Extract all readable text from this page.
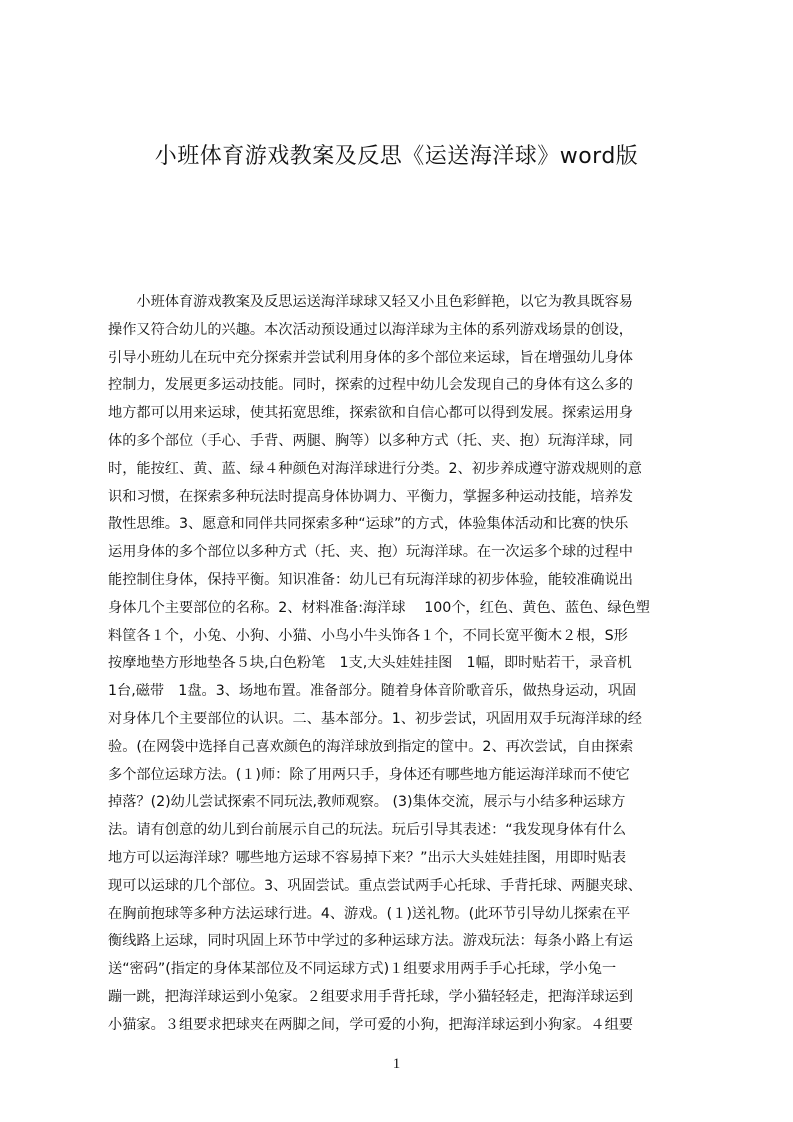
小班体育游戏教案及反思《运送海洋球》word版
　　小班体育游戏教案及反思运送海洋球球又轻又小且色彩鲜艳，以它为教具既容易
操作又符合幼儿的兴趣。本次活动预设通过以海洋球为主体的系列游戏场景的创设，
引导小班幼儿在玩中充分探索并尝试利用身体的多个部位来运球，旨在增强幼儿身体
控制力，发展更多运动技能。同时，探索的过程中幼儿会发现自己的身体有这么多的
地方都可以用来运球，使其拓宽思维，探索欲和自信心都可以得到发展。探索运用身
体的多个部位（手心、手背、两腿、胸等）以多种方式（托、夹、抱）玩海洋球，同
时，能按红、黄、蓝、绿４种颜色对海洋球进行分类。2、初步养成遵守游戏规则的意
识和习惯，在探索多种玩法时提高身体协调力、平衡力，掌握多种运动技能，培养发
散性思维。3、愿意和同伴共同探索多种“运球”的方式，体验集体活动和比赛的快乐
运用身体的多个部位以多种方式（托、夹、抱）玩海洋球。在一次运多个球的过程中
能控制住身体，保持平衡。知识准备：幼儿已有玩海洋球的初步体验，能较准确说出
身体几个主要部位的名称。2、材料准备:海洋球　 100个，红色、黄色、蓝色、绿色塑
料筐各１个，小兔、小狗、小猫、小鸟小牛头饰各１个，不同长宽平衡木２根，S形
按摩地垫方形地垫各５块,白色粉笔　1支,大头娃娃挂图　1幅，即时贴若干，录音机
1台,磁带　1盘。3、场地布置。准备部分。随着身体音阶歌音乐，做热身运动，巩固
对身体几个主要部位的认识。二、基本部分。1、初步尝试，巩固用双手玩海洋球的经
验。(在网袋中选择自己喜欢颜色的海洋球放到指定的筐中。2、再次尝试，自由探索
多个部位运球方法。(１)师：除了用两只手，身体还有哪些地方能运海洋球而不使它
掉落？(2)幼儿尝试探索不同玩法,教师观察。 (3)集体交流，展示与小结多种运球方
法。请有创意的幼儿到台前展示自己的玩法。玩后引导其表述：“我发现身体有什么
地方可以运海洋球？哪些地方运球不容易掉下来？”出示大头娃娃挂图，用即时贴表
现可以运球的几个部位。3、巩固尝试。重点尝试两手心托球、手背托球、两腿夹球、
在胸前抱球等多种方法运球行进。4、游戏。(１)送礼物。(此环节引导幼儿探索在平
衡线路上运球，同时巩固上环节中学过的多种运球方法。游戏玩法：每条小路上有运
送“密码”(指定的身体某部位及不同运球方式)１组要求用两手手心托球，学小兔一
蹦一跳，把海洋球运到小兔家。２组要求用手背托球，学小猫轻轻走，把海洋球运到
小猫家。３组要求把球夹在两脚之间，学可爱的小狗，把海洋球运到小狗家。４组要
1
